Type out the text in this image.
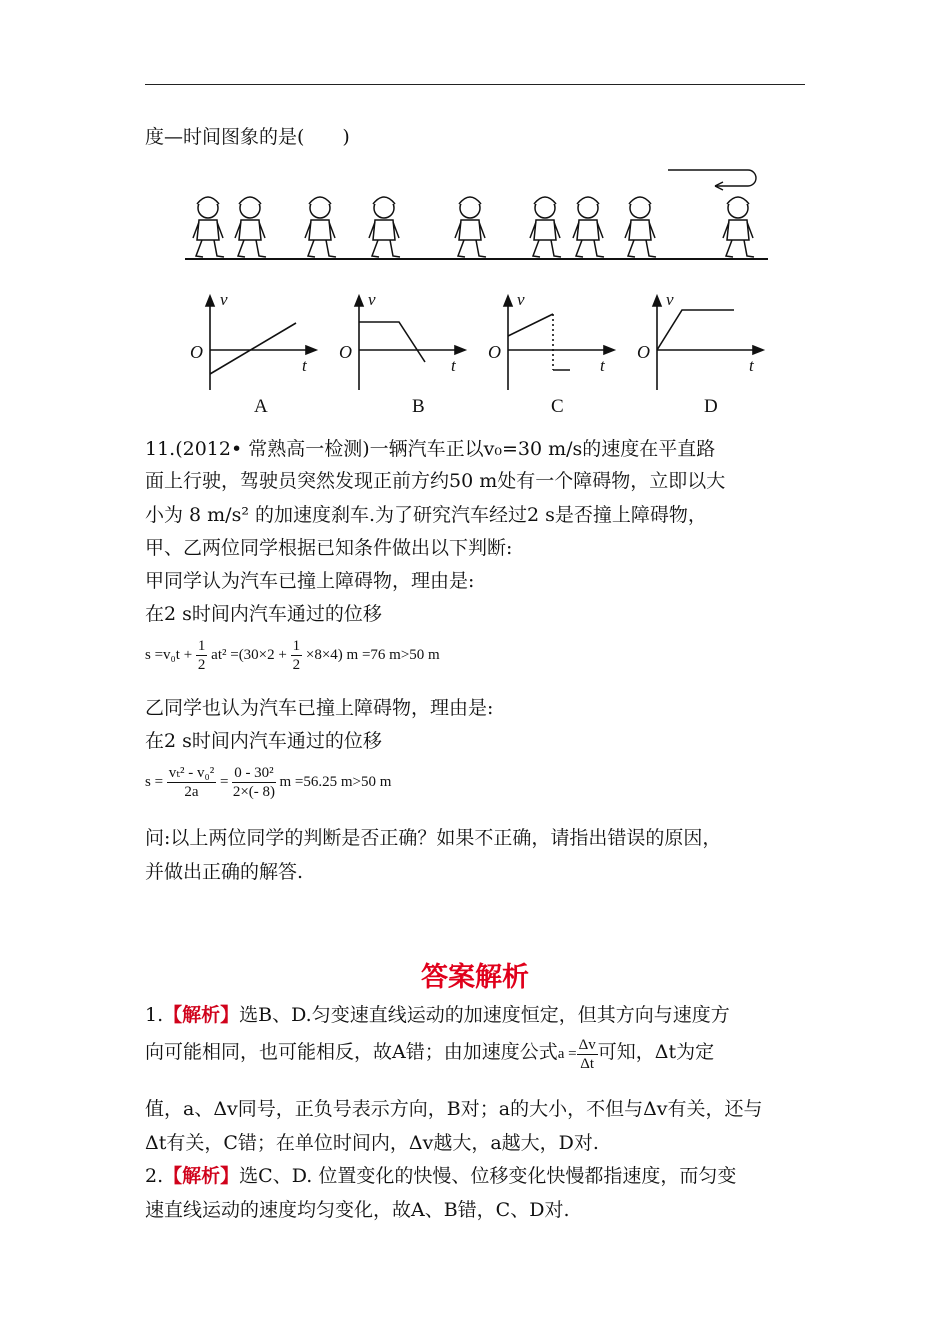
度—时间图象的是(　　)
v	v	v	v
O	O	O	O
t	t	t	t
A	B	C	D
11.(2012• 常熟高一检测)一辆汽车正以v₀=30 m/s的速度在平直路
面上行驶，驾驶员突然发现正前方约50 m处有一个障碍物，立即以大
小为 8 m/s² 的加速度刹车.为了研究汽车经过2 s是否撞上障碍物，
甲、乙两位同学根据已知条件做出以下判断:
甲同学认为汽车已撞上障碍物，理由是:
在2 s时间内汽车通过的位移
$s =v_0t + \frac{1}{2} at^2 =(30\times 2 + \frac{1}{2} \times 8\times 4)$ m =76 m>50 m
乙同学也认为汽车已撞上障碍物，理由是:
在2 s时间内汽车通过的位移
$s = \frac{\text{vₜ² - v₀²}}{2a} = \frac{\text{0 - 30²}}{2\times(- 8)}$ m =56.25 m>50 m
问:以上两位同学的判断是否正确？如果不正确，请指出错误的原因，
并做出正确的解答.
答案解析
1.【解析】选B、D.匀变速直线运动的加速度恒定，但其方向与速度方
向可能相同，也可能相反，故A错；由加速度公式$a = \frac{\Delta v}{\Delta t}$ 可知，Δt为定
值，a、Δv同号，正负号表示方向，B对；a的大小，不但与Δv有关，还与
Δt有关，C错；在单位时间内，Δv越大，a越大，D对.
2.【解析】选C、D. 位置变化的快慢、位移变化快慢都指速度，而匀变
速直线运动的速度均匀变化，故A、B错，C、D对.
